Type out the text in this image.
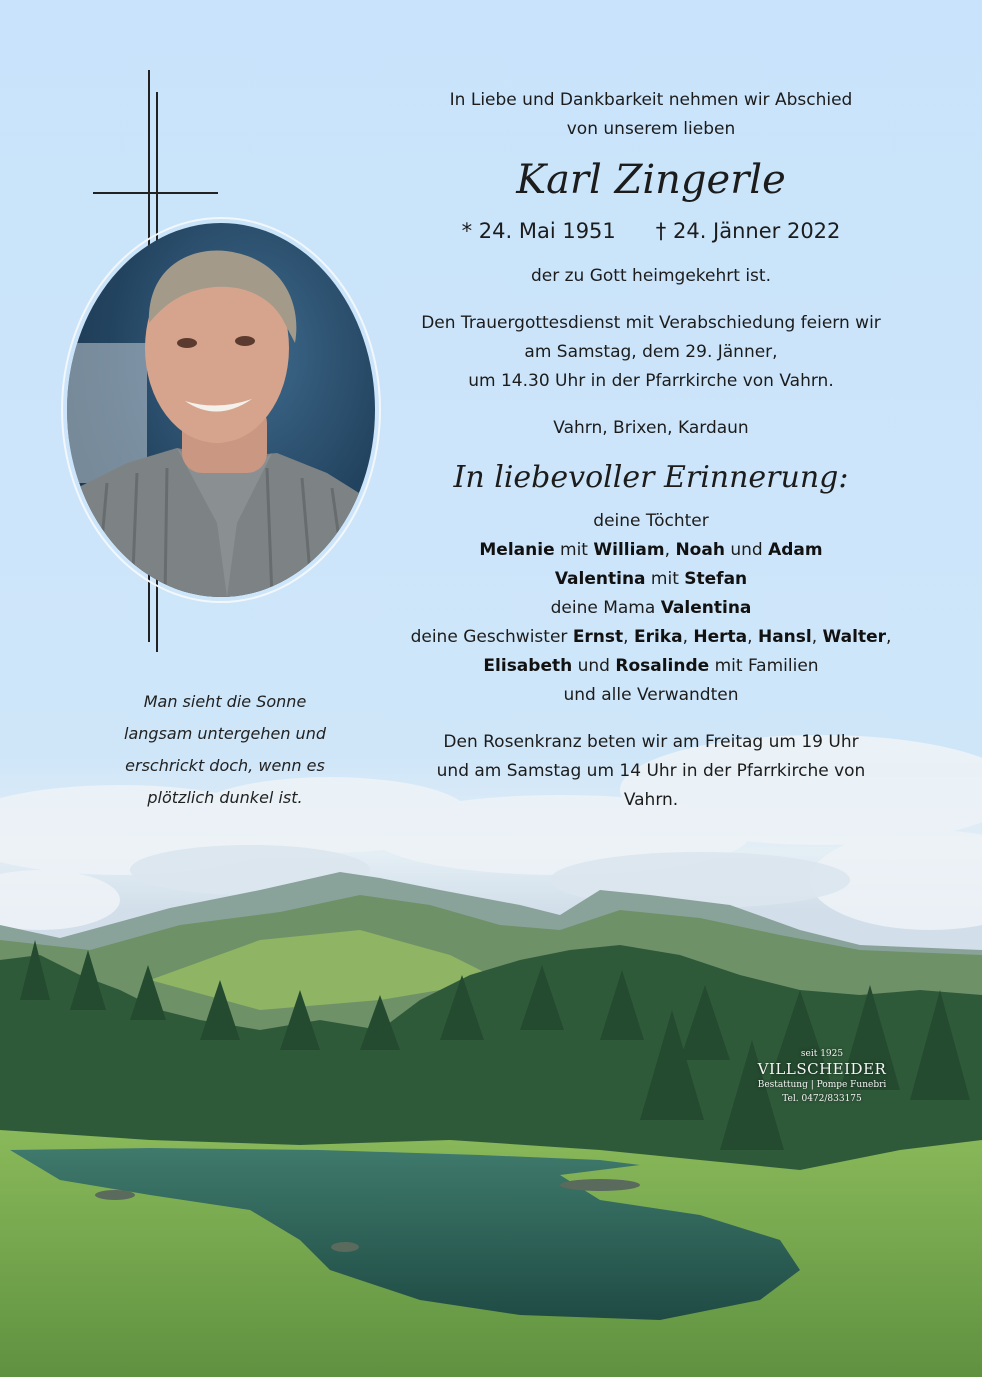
In Liebe und Dankbarkeit nehmen wir Abschied
von unserem lieben
Karl Zingerle
* 24. Mai 1951 † 24. Jänner 2022
der zu Gott heimgekehrt ist.
Den Trauergottesdienst mit Verabschiedung feiern wir
am Samstag, dem 29. Jänner,
um 14.30 Uhr in der Pfarrkirche von Vahrn.
Vahrn, Brixen, Kardaun
In liebevoller Erinnerung:
deine Töchter
Melanie mit William, Noah und Adam
Valentina mit Stefan
deine Mama Valentina
deine Geschwister Ernst, Erika, Herta, Hansl, Walter,
Elisabeth und Rosalinde mit Familien
und alle Verwandten
Den Rosenkranz beten wir am Freitag um 19 Uhr
und am Samstag um 14 Uhr in der Pfarrkirche von Vahrn.
Man sieht die Sonne
langsam untergehen und
erschrickt doch, wenn es
plötzlich dunkel ist.
seit 1925
VILLSCHEIDER
Bestattung | Pompe Funebri
Tel. 0472/833175
